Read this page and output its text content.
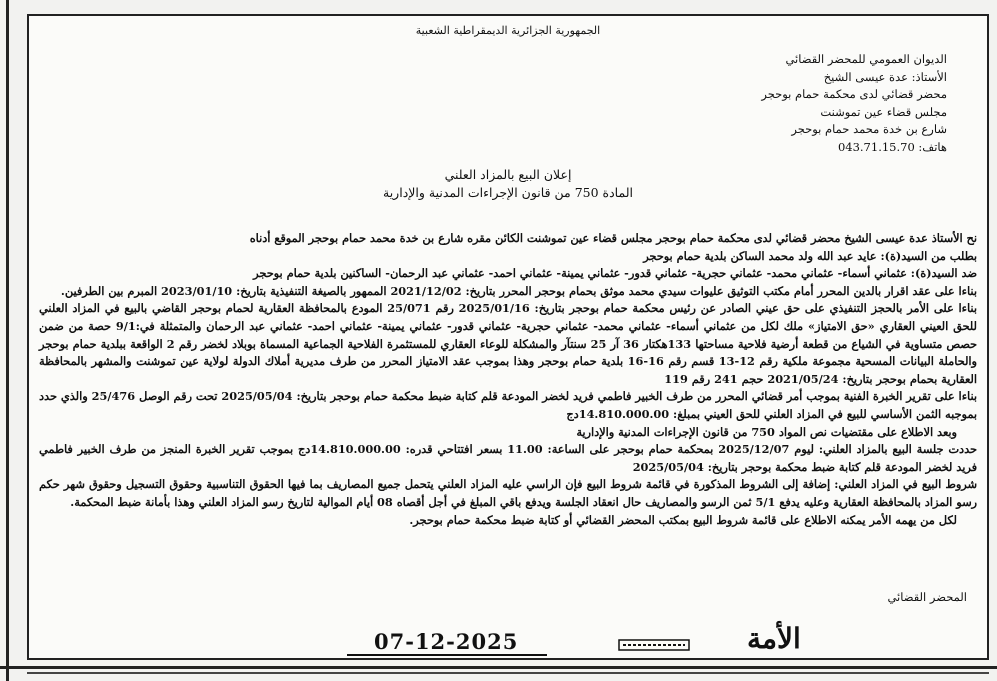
الجمهورية الجزائرية الديمقراطية الشعبية
الديوان العمومي للمحضر القضائي
الأستاذ: عدة عيسى الشيخ
محضر قضائي لدى محكمة حمام بوحجر
مجلس قضاء عين تموشنت
شارع بن خدة محمد حمام بوحجر
هاتف: 043.71.15.70
إعلان البيع بالمزاد العلني
المادة 750 من قانون الإجراءات المدنية والإدارية

نح الأستاذ عدة عيسى الشيخ محضر قضائي لدى محكمة حمام بوحجر مجلس قضاء عين تموشنت الكائن مقره شارع بن خدة محمد حمام بوحجر الموقع أدناه

بطلب من السيد(ة): عايد عبد الله ولد محمد الساكن بلدية حمام بوحجر

ضد السيد(ة): عثماني أسماء- عثماني محمد- عثماني حجرية- عثماني قدور- عثماني يمينة- عثماني احمد- عثماني عبد الرحمان- الساكنين بلدية حمام بوحجر

بناءا على عقد اقرار بالدين المحرر أمام مكتب التوثيق عليوات سيدي محمد موثق بحمام بوحجر المحرر بتاريخ: 2021/12/02 الممهور بالصيغة التنفيذية بتاريخ: 2023/01/10 المبرم بين الطرفين.

بناءا على الأمر بالحجز التنفيذي على حق عيني الصادر عن رئيس محكمة حمام بوحجر بتاريخ: 2025/01/16 رقم 25/071 المودع بالمحافظة العقارية لحمام بوحجر القاضي بالبيع في المزاد العلني للحق العيني العقاري «حق الامتياز» ملك لكل من عثماني أسماء- عثماني محمد- عثماني حجرية- عثماني قدور- عثماني يمينة- عثماني احمد- عثماني عبد الرحمان والمتمثلة في:9/1 حصة من ضمن حصص متساوية في الشياع من قطعة أرضية فلاحية مساحتها 133هكتار 36 آر 25 سنتآر والمشكلة للوعاء العقاري للمستثمرة الفلاحية الجماعية المسماة بوبلاد لخضر رقم 2 الواقعة ببلدية حمام بوحجر والحاملة البيانات المسحية مجموعة ملكية رقم 12-13 قسم رقم 16-16 بلدية حمام بوحجر وهذا بموجب عقد الامتياز المحرر من طرف مديرية أملاك الدولة لولاية عين تموشنت والمشهر بالمحافظة العقارية بحمام بوحجر بتاريخ: 2021/05/24 حجم 241 رقم 119

بناءا على تقرير الخبرة الفنية بموجب أمر قضائي المحرر من طرف الخبير فاطمي فريد لخضر المودعة قلم كتابة ضبط محكمة حمام بوحجر بتاريخ: 2025/05/04 تحت رقم الوصل 25/476 والذي حدد بموجبه الثمن الأساسي للبيع في المزاد العلني للحق العيني بمبلغ: 14.810.000.00دج

وبعد الاطلاع على مقتضيات نص المواد 750 من قانون الإجراءات المدنية والإدارية

حددت جلسة البيع بالمزاد العلني: ليوم 2025/12/07 بمحكمة حمام بوحجر على الساعة: 11.00 بسعر افتتاحي قدره: 14.810.000.00دج بموجب تقرير الخبرة المنجز من طرف الخبير فاطمي فريد لخضر المودعة قلم كتابة ضبط محكمة بوحجر بتاريخ: 2025/05/04

شروط البيع في المزاد العلني: إضافة إلى الشروط المذكورة في قائمة شروط البيع فإن الراسي عليه المزاد العلني يتحمل جميع المصاريف بما فيها الحقوق التناسبية وحقوق التسجيل وحقوق شهر حكم رسو المزاد بالمحافظة العقارية وعليه يدفع 5/1 ثمن الرسو والمصاريف حال انعقاد الجلسة ويدفع باقي المبلغ في أجل أقصاه 08 أيام الموالية لتاريخ رسو المزاد العلني وهذا بأمانة ضبط المحكمة.

لكل من يهمه الأمر يمكنه الاطلاع على قائمة شروط البيع بمكتب المحضر القضائي أو كتابة ضبط محكمة حمام بوحجر.

المحضر القضائي
الأمة
07-12-2025
